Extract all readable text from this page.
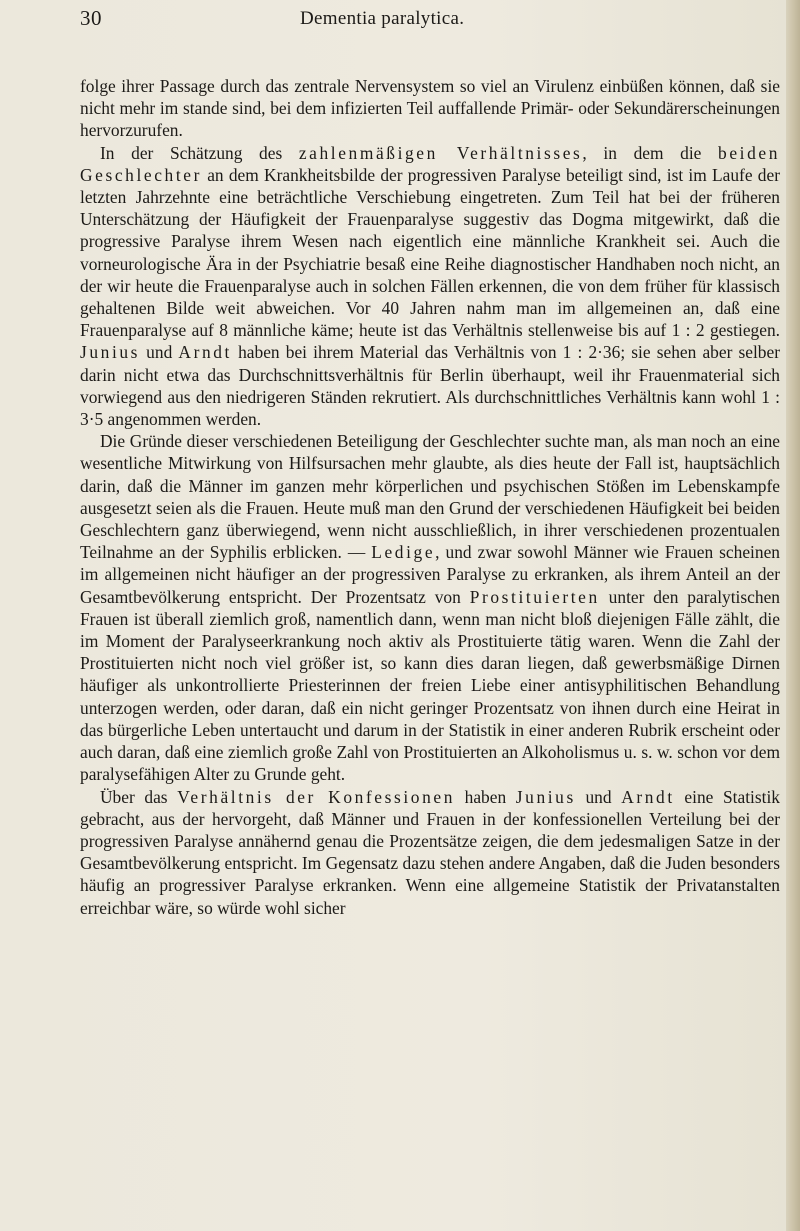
30	Dementia paralytica.

folge ihrer Passage durch das zentrale Nervensystem so viel an Virulenz einbüßen können, daß sie nicht mehr im stande sind, bei dem infizierten Teil auffallende Primär- oder Sekundärerscheinungen hervorzurufen.

In der Schätzung des zahlenmäßigen Verhältnisses, in dem die beiden Geschlechter an dem Krankheitsbilde der progressiven Paralyse beteiligt sind, ist im Laufe der letzten Jahrzehnte eine beträchtliche Verschiebung eingetreten. Zum Teil hat bei der früheren Unterschätzung der Häufigkeit der Frauenparalyse suggestiv das Dogma mitgewirkt, daß die progressive Paralyse ihrem Wesen nach eigentlich eine männliche Krankheit sei. Auch die vorneurologische Ära in der Psychiatrie besaß eine Reihe diagnostischer Handhaben noch nicht, an der wir heute die Frauenparalyse auch in solchen Fällen erkennen, die von dem früher für klassisch gehaltenen Bilde weit abweichen. Vor 40 Jahren nahm man im allgemeinen an, daß eine Frauenparalyse auf 8 männliche käme; heute ist das Verhältnis stellenweise bis auf 1 : 2 gestiegen. Junius und Arndt haben bei ihrem Material das Verhältnis von 1 : 2·36; sie sehen aber selber darin nicht etwa das Durchschnittsverhältnis für Berlin überhaupt, weil ihr Frauenmaterial sich vorwiegend aus den niedrigeren Ständen rekrutiert. Als durchschnittliches Verhältnis kann wohl 1 : 3·5 angenommen werden.

Die Gründe dieser verschiedenen Beteiligung der Geschlechter suchte man, als man noch an eine wesentliche Mitwirkung von Hilfsursachen mehr glaubte, als dies heute der Fall ist, hauptsächlich darin, daß die Männer im ganzen mehr körperlichen und psychischen Stößen im Lebenskampfe ausgesetzt seien als die Frauen. Heute muß man den Grund der verschiedenen Häufigkeit bei beiden Geschlechtern ganz überwiegend, wenn nicht ausschließlich, in ihrer verschiedenen prozentualen Teilnahme an der Syphilis erblicken. — Ledige, und zwar sowohl Männer wie Frauen scheinen im allgemeinen nicht häufiger an der progressiven Paralyse zu erkranken, als ihrem Anteil an der Gesamtbevölkerung entspricht. Der Prozentsatz von Prostituierten unter den paralytischen Frauen ist überall ziemlich groß, namentlich dann, wenn man nicht bloß diejenigen Fälle zählt, die im Moment der Paralyseerkrankung noch aktiv als Prostituierte tätig waren. Wenn die Zahl der Prostituierten nicht noch viel größer ist, so kann dies daran liegen, daß gewerbsmäßige Dirnen häufiger als unkontrollierte Priesterinnen der freien Liebe einer antisyphilitischen Behandlung unterzogen werden, oder daran, daß ein nicht geringer Prozentsatz von ihnen durch eine Heirat in das bürgerliche Leben untertaucht und darum in der Statistik in einer anderen Rubrik erscheint oder auch daran, daß eine ziemlich große Zahl von Prostituierten an Alkoholismus u. s. w. schon vor dem paralysefähigen Alter zu Grunde geht.

Über das Verhältnis der Konfessionen haben Junius und Arndt eine Statistik gebracht, aus der hervorgeht, daß Männer und Frauen in der konfessionellen Verteilung bei der progressiven Paralyse annähernd genau die Prozentsätze zeigen, die dem jedesmaligen Satze in der Gesamtbevölkerung entspricht. Im Gegensatz dazu stehen andere Angaben, daß die Juden besonders häufig an progressiver Paralyse erkranken. Wenn eine allgemeine Statistik der Privatanstalten erreichbar wäre, so würde wohl sicher
